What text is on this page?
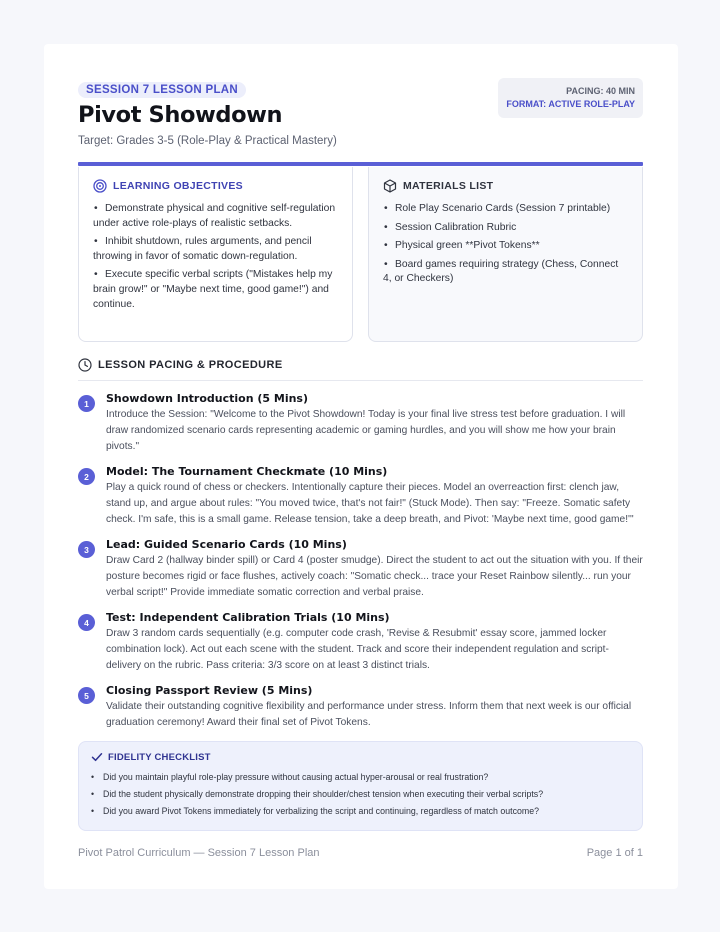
SESSION 7 LESSON PLAN
Pivot Showdown
Target: Grades 3-5 (Role-Play & Practical Mastery)
PACING: 40 MIN
FORMAT: ACTIVE ROLE-PLAY
LEARNING OBJECTIVES
• Demonstrate physical and cognitive self-regulation under active role-plays of realistic setbacks.
• Inhibit shutdown, rules arguments, and pencil throwing in favor of somatic down-regulation.
• Execute specific verbal scripts ("Mistakes help my brain grow!" or "Maybe next time, good game!") and continue.
MATERIALS LIST
• Role Play Scenario Cards (Session 7 printable)
• Session Calibration Rubric
• Physical green **Pivot Tokens**
• Board games requiring strategy (Chess, Connect 4, or Checkers)
LESSON PACING & PROCEDURE
1	Showdown Introduction (5 Mins)
Introduce the Session: "Welcome to the Pivot Showdown! Today is your final live stress test before graduation. I will draw randomized scenario cards representing academic or gaming hurdles, and you will show me how your brain pivots."
2	Model: The Tournament Checkmate (10 Mins)
Play a quick round of chess or checkers. Intentionally capture their pieces. Model an overreaction first: clench jaw, stand up, and argue about rules: "You moved twice, that's not fair!" (Stuck Mode). Then say: "Freeze. Somatic safety check. I'm safe, this is a small game. Release tension, take a deep breath, and Pivot: 'Maybe next time, good game!'"
3	Lead: Guided Scenario Cards (10 Mins)
Draw Card 2 (hallway binder spill) or Card 4 (poster smudge). Direct the student to act out the situation with you. If their posture becomes rigid or face flushes, actively coach: "Somatic check... trace your Reset Rainbow silently... run your verbal script!" Provide immediate somatic correction and verbal praise.
4	Test: Independent Calibration Trials (10 Mins)
Draw 3 random cards sequentially (e.g. computer code crash, 'Revise & Resubmit' essay score, jammed locker combination lock). Act out each scene with the student. Track and score their independent regulation and script-delivery on the rubric. Pass criteria: 3/3 score on at least 3 distinct trials.
5	Closing Passport Review (5 Mins)
Validate their outstanding cognitive flexibility and performance under stress. Inform them that next week is our official graduation ceremony! Award their final set of Pivot Tokens.
FIDELITY CHECKLIST
• Did you maintain playful role-play pressure without causing actual hyper-arousal or real frustration?
• Did the student physically demonstrate dropping their shoulder/chest tension when executing their verbal scripts?
• Did you award Pivot Tokens immediately for verbalizing the script and continuing, regardless of match outcome?
Pivot Patrol Curriculum — Session 7 Lesson Plan	Page 1 of 1
